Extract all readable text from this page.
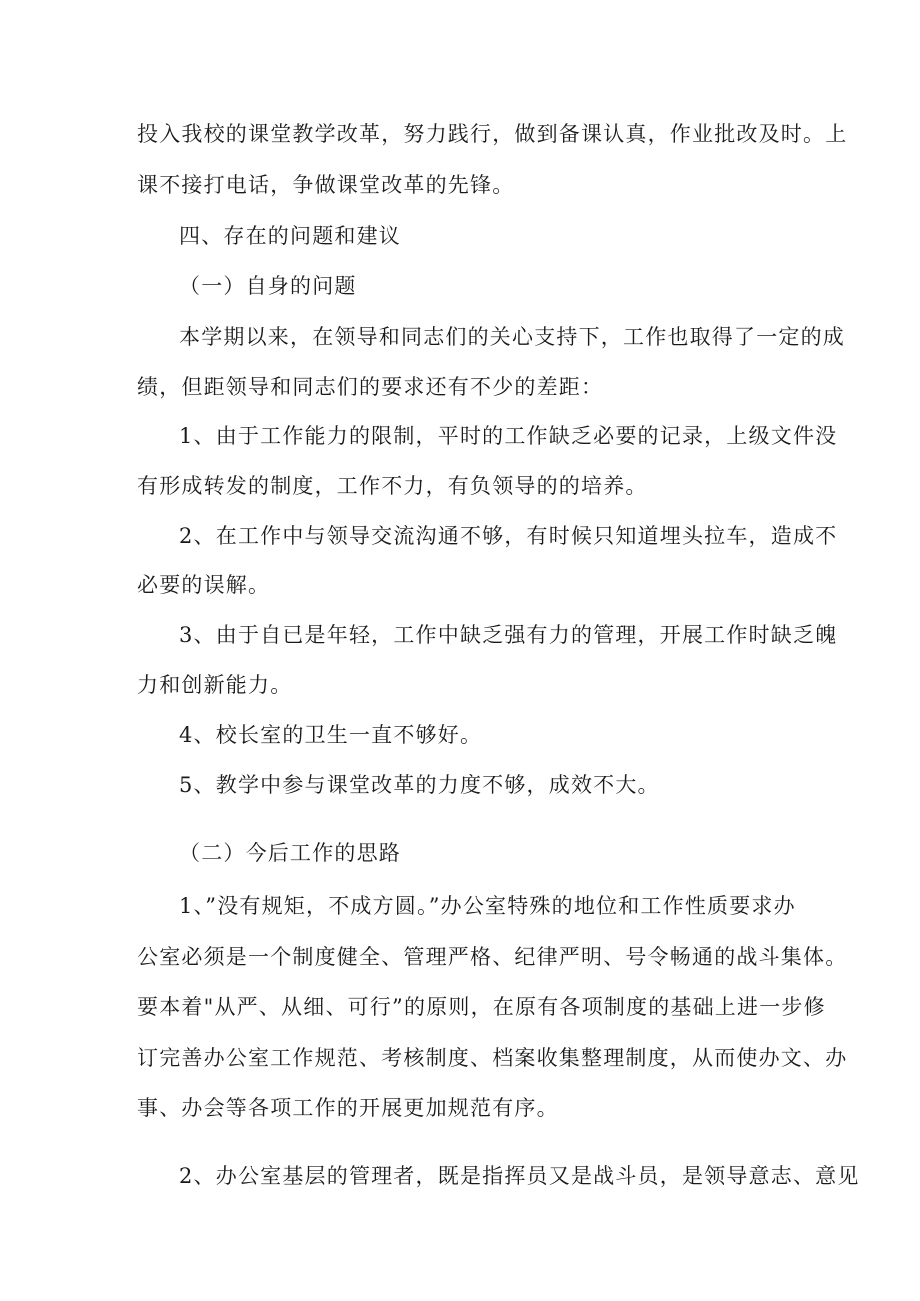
投入我校的课堂教学改革，努力践行，做到备课认真，作业批改及时。上
课不接打电话，争做课堂改革的先锋。
四、存在的问题和建议
（一）自身的问题
本学期以来，在领导和同志们的关心支持下，工作也取得了一定的成
绩，但距领导和同志们的要求还有不少的差距：
1、由于工作能力的限制，平时的工作缺乏必要的记录，上级文件没
有形成转发的制度，工作不力，有负领导的的培养。
2、在工作中与领导交流沟通不够，有时候只知道埋头拉车，造成不
必要的误解。
3、由于自已是年轻，工作中缺乏强有力的管理，开展工作时缺乏魄
力和创新能力。
4、校长室的卫生一直不够好。
5、教学中参与课堂改革的力度不够，成效不大。
（二）今后工作的思路
1、”没有规矩，不成方圆。”办公室特殊的地位和工作性质要求办
公室必须是一个制度健全、管理严格、纪律严明、号令畅通的战斗集体。
要本着"从严、从细、可行”的原则，在原有各项制度的基础上进一步修
订完善办公室工作规范、考核制度、档案收集整理制度，从而使办文、办
事、办会等各项工作的开展更加规范有序。
2、办公室基层的管理者，既是指挥员又是战斗员，是领导意志、意见
